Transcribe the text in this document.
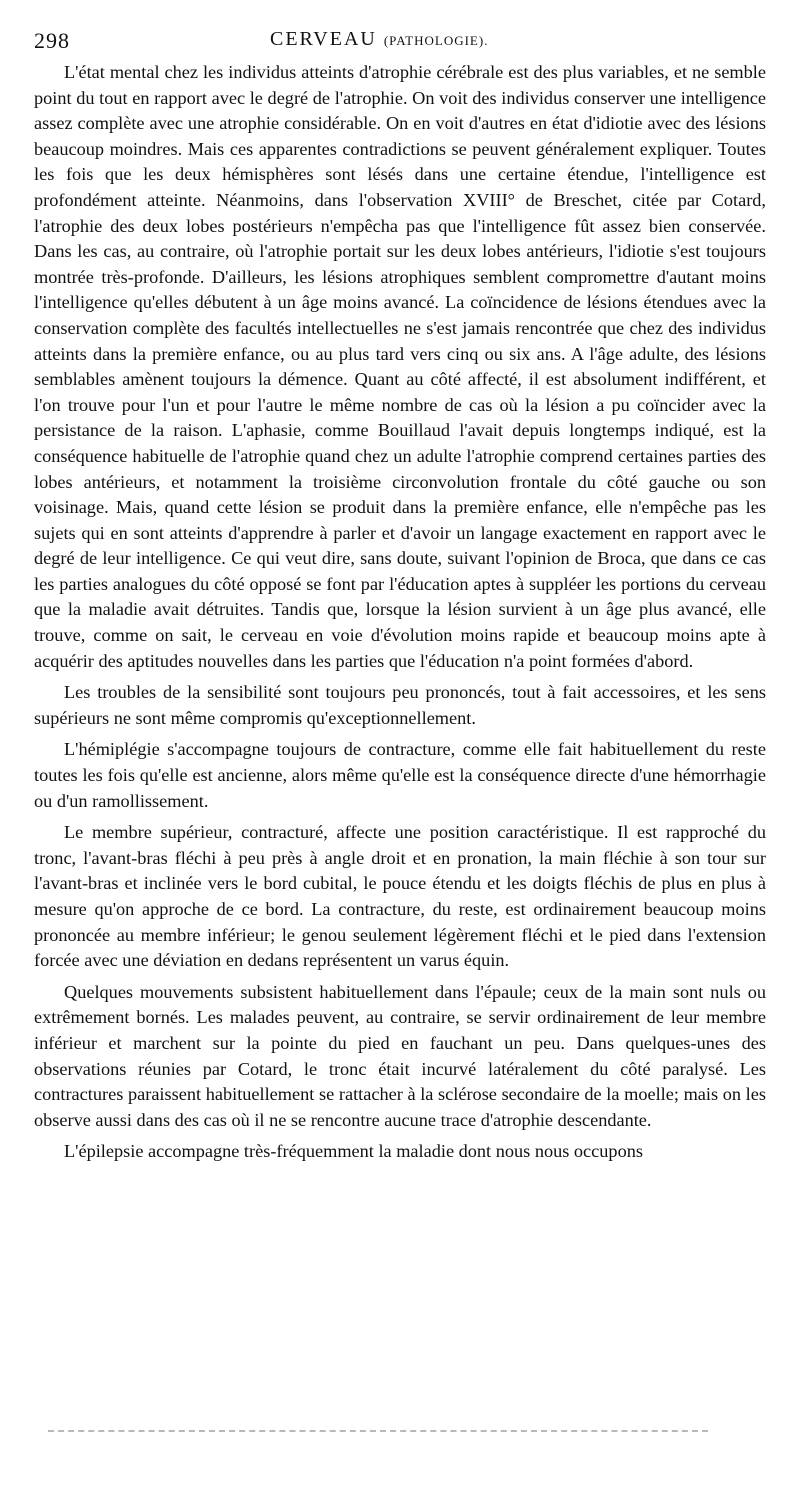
298	CERVEAU (PATHOLOGIE).

L'état mental chez les individus atteints d'atrophie cérébrale est des plus variables, et ne semble point du tout en rapport avec le degré de l'atrophie. On voit des individus conserver une intelligence assez complète avec une atrophie considérable. On en voit d'autres en état d'idiotie avec des lésions beaucoup moindres. Mais ces apparentes contradictions se peuvent généralement expliquer. Toutes les fois que les deux hémisphères sont lésés dans une certaine étendue, l'intelligence est profondément atteinte. Néanmoins, dans l'observation XVIII° de Breschet, citée par Cotard, l'atrophie des deux lobes postérieurs n'empêcha pas que l'intelligence fût assez bien conservée. Dans les cas, au contraire, où l'atrophie portait sur les deux lobes antérieurs, l'idiotie s'est toujours montrée très-profonde. D'ailleurs, les lésions atrophiques semblent compromettre d'autant moins l'intelligence qu'elles débutent à un âge moins avancé. La coïncidence de lésions étendues avec la conservation complète des facultés intellectuelles ne s'est jamais rencontrée que chez des individus atteints dans la première enfance, ou au plus tard vers cinq ou six ans. A l'âge adulte, des lésions semblables amènent toujours la démence. Quant au côté affecté, il est absolument indifférent, et l'on trouve pour l'un et pour l'autre le même nombre de cas où la lésion a pu coïncider avec la persistance de la raison. L'aphasie, comme Bouillaud l'avait depuis longtemps indiqué, est la conséquence habituelle de l'atrophie quand chez un adulte l'atrophie comprend certaines parties des lobes antérieurs, et notamment la troisième circonvolution frontale du côté gauche ou son voisinage. Mais, quand cette lésion se produit dans la première enfance, elle n'empêche pas les sujets qui en sont atteints d'apprendre à parler et d'avoir un langage exactement en rapport avec le degré de leur intelligence. Ce qui veut dire, sans doute, suivant l'opinion de Broca, que dans ce cas les parties analogues du côté opposé se font par l'éducation aptes à suppléer les portions du cerveau que la maladie avait détruites. Tandis que, lorsque la lésion survient à un âge plus avancé, elle trouve, comme on sait, le cerveau en voie d'évolution moins rapide et beaucoup moins apte à acquérir des aptitudes nouvelles dans les parties que l'éducation n'a point formées d'abord.

Les troubles de la sensibilité sont toujours peu prononcés, tout à fait accessoires, et les sens supérieurs ne sont même compromis qu'exceptionnellement.

L'hémiplégie s'accompagne toujours de contracture, comme elle fait habituellement du reste toutes les fois qu'elle est ancienne, alors même qu'elle est la conséquence directe d'une hémorrhagie ou d'un ramollissement.

Le membre supérieur, contracturé, affecte une position caractéristique. Il est rapproché du tronc, l'avant-bras fléchi à peu près à angle droit et en pronation, la main fléchie à son tour sur l'avant-bras et inclinée vers le bord cubital, le pouce étendu et les doigts fléchis de plus en plus à mesure qu'on approche de ce bord. La contracture, du reste, est ordinairement beaucoup moins prononcée au membre inférieur; le genou seulement légèrement fléchi et le pied dans l'extension forcée avec une déviation en dedans représentent un varus équin.

Quelques mouvements subsistent habituellement dans l'épaule; ceux de la main sont nuls ou extrêmement bornés. Les malades peuvent, au contraire, se servir ordinairement de leur membre inférieur et marchent sur la pointe du pied en fauchant un peu. Dans quelques-unes des observations réunies par Cotard, le tronc était incurvé latéralement du côté paralysé. Les contractures paraissent habituellement se rattacher à la sclérose secondaire de la moelle; mais on les observe aussi dans des cas où il ne se rencontre aucune trace d'atrophie descendante.

L'épilepsie accompagne très-fréquemment la maladie dont nous nous occupons
